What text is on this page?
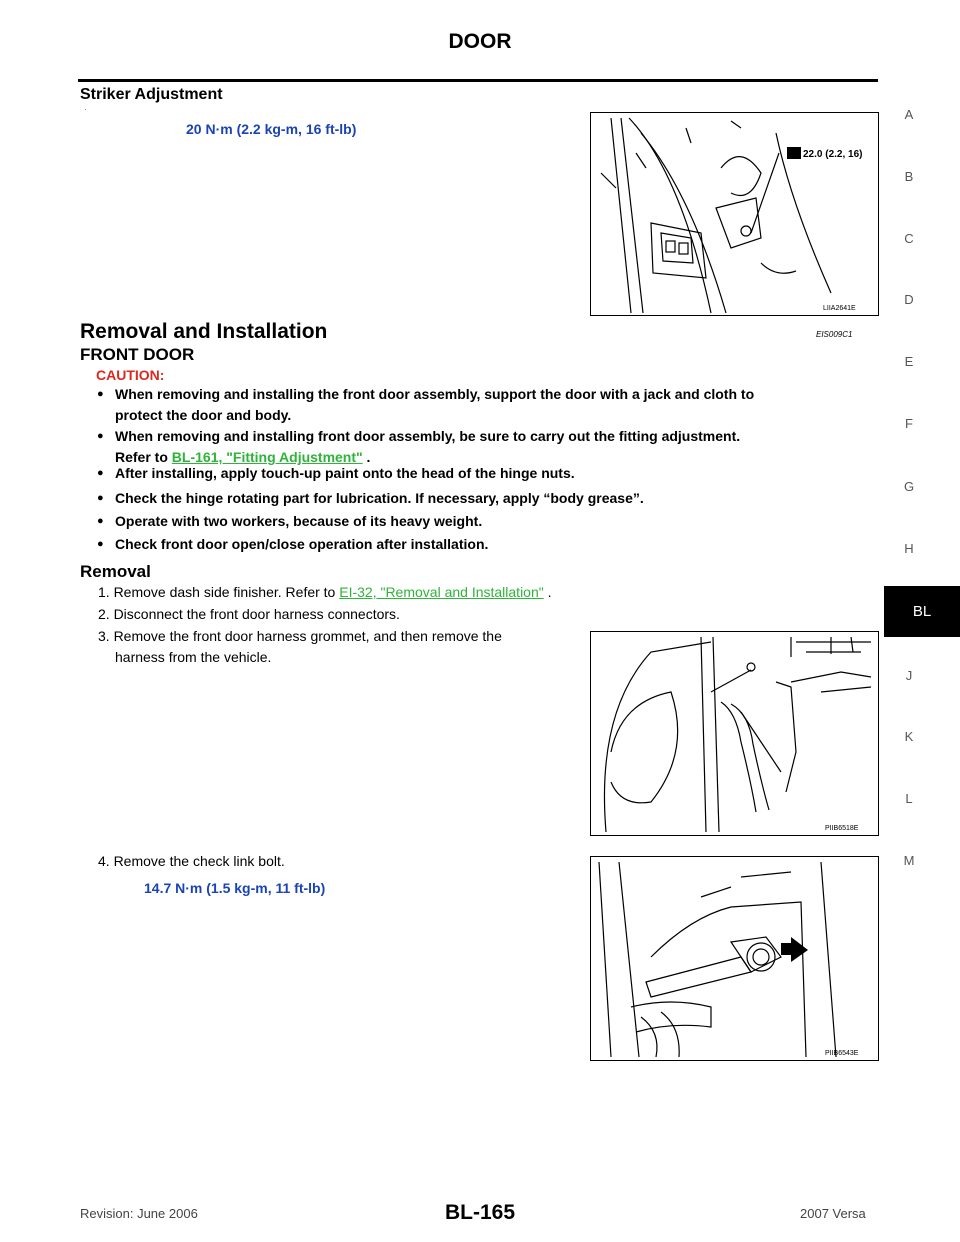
DOOR
Striker Adjustment
·
20 N·m (2.2 kg-m, 16 ft-lb)
22.0 (2.2, 16)
LIIA2641E
Removal and Installation	EIS009C1
FRONT DOOR
CAUTION:
● When removing and installing the front door assembly, support the door with a jack and cloth to
protect the door and body.
● When removing and installing front door assembly, be sure to carry out the fitting adjustment.
Refer to BL-161, "Fitting Adjustment" .
● After installing, apply touch-up paint onto the head of the hinge nuts.
● Check the hinge rotating part for lubrication. If necessary, apply “body grease”.
● Operate with two workers, because of its heavy weight.
● Check front door open/close operation after installation.
Removal
1. Remove dash side finisher. Refer to EI-32, "Removal and Installation" .
2. Disconnect the front door harness connectors.
3. Remove the front door harness grommet, and then remove the
harness from the vehicle.
PIIB6518E
4. Remove the check link bolt.
14.7 N·m (1.5 kg-m, 11 ft-lb)
PIIB6543E
A
B
C
D
E
F
G
H
BL
J
K
L
M
Revision: June 2006	BL-165	2007 Versa
